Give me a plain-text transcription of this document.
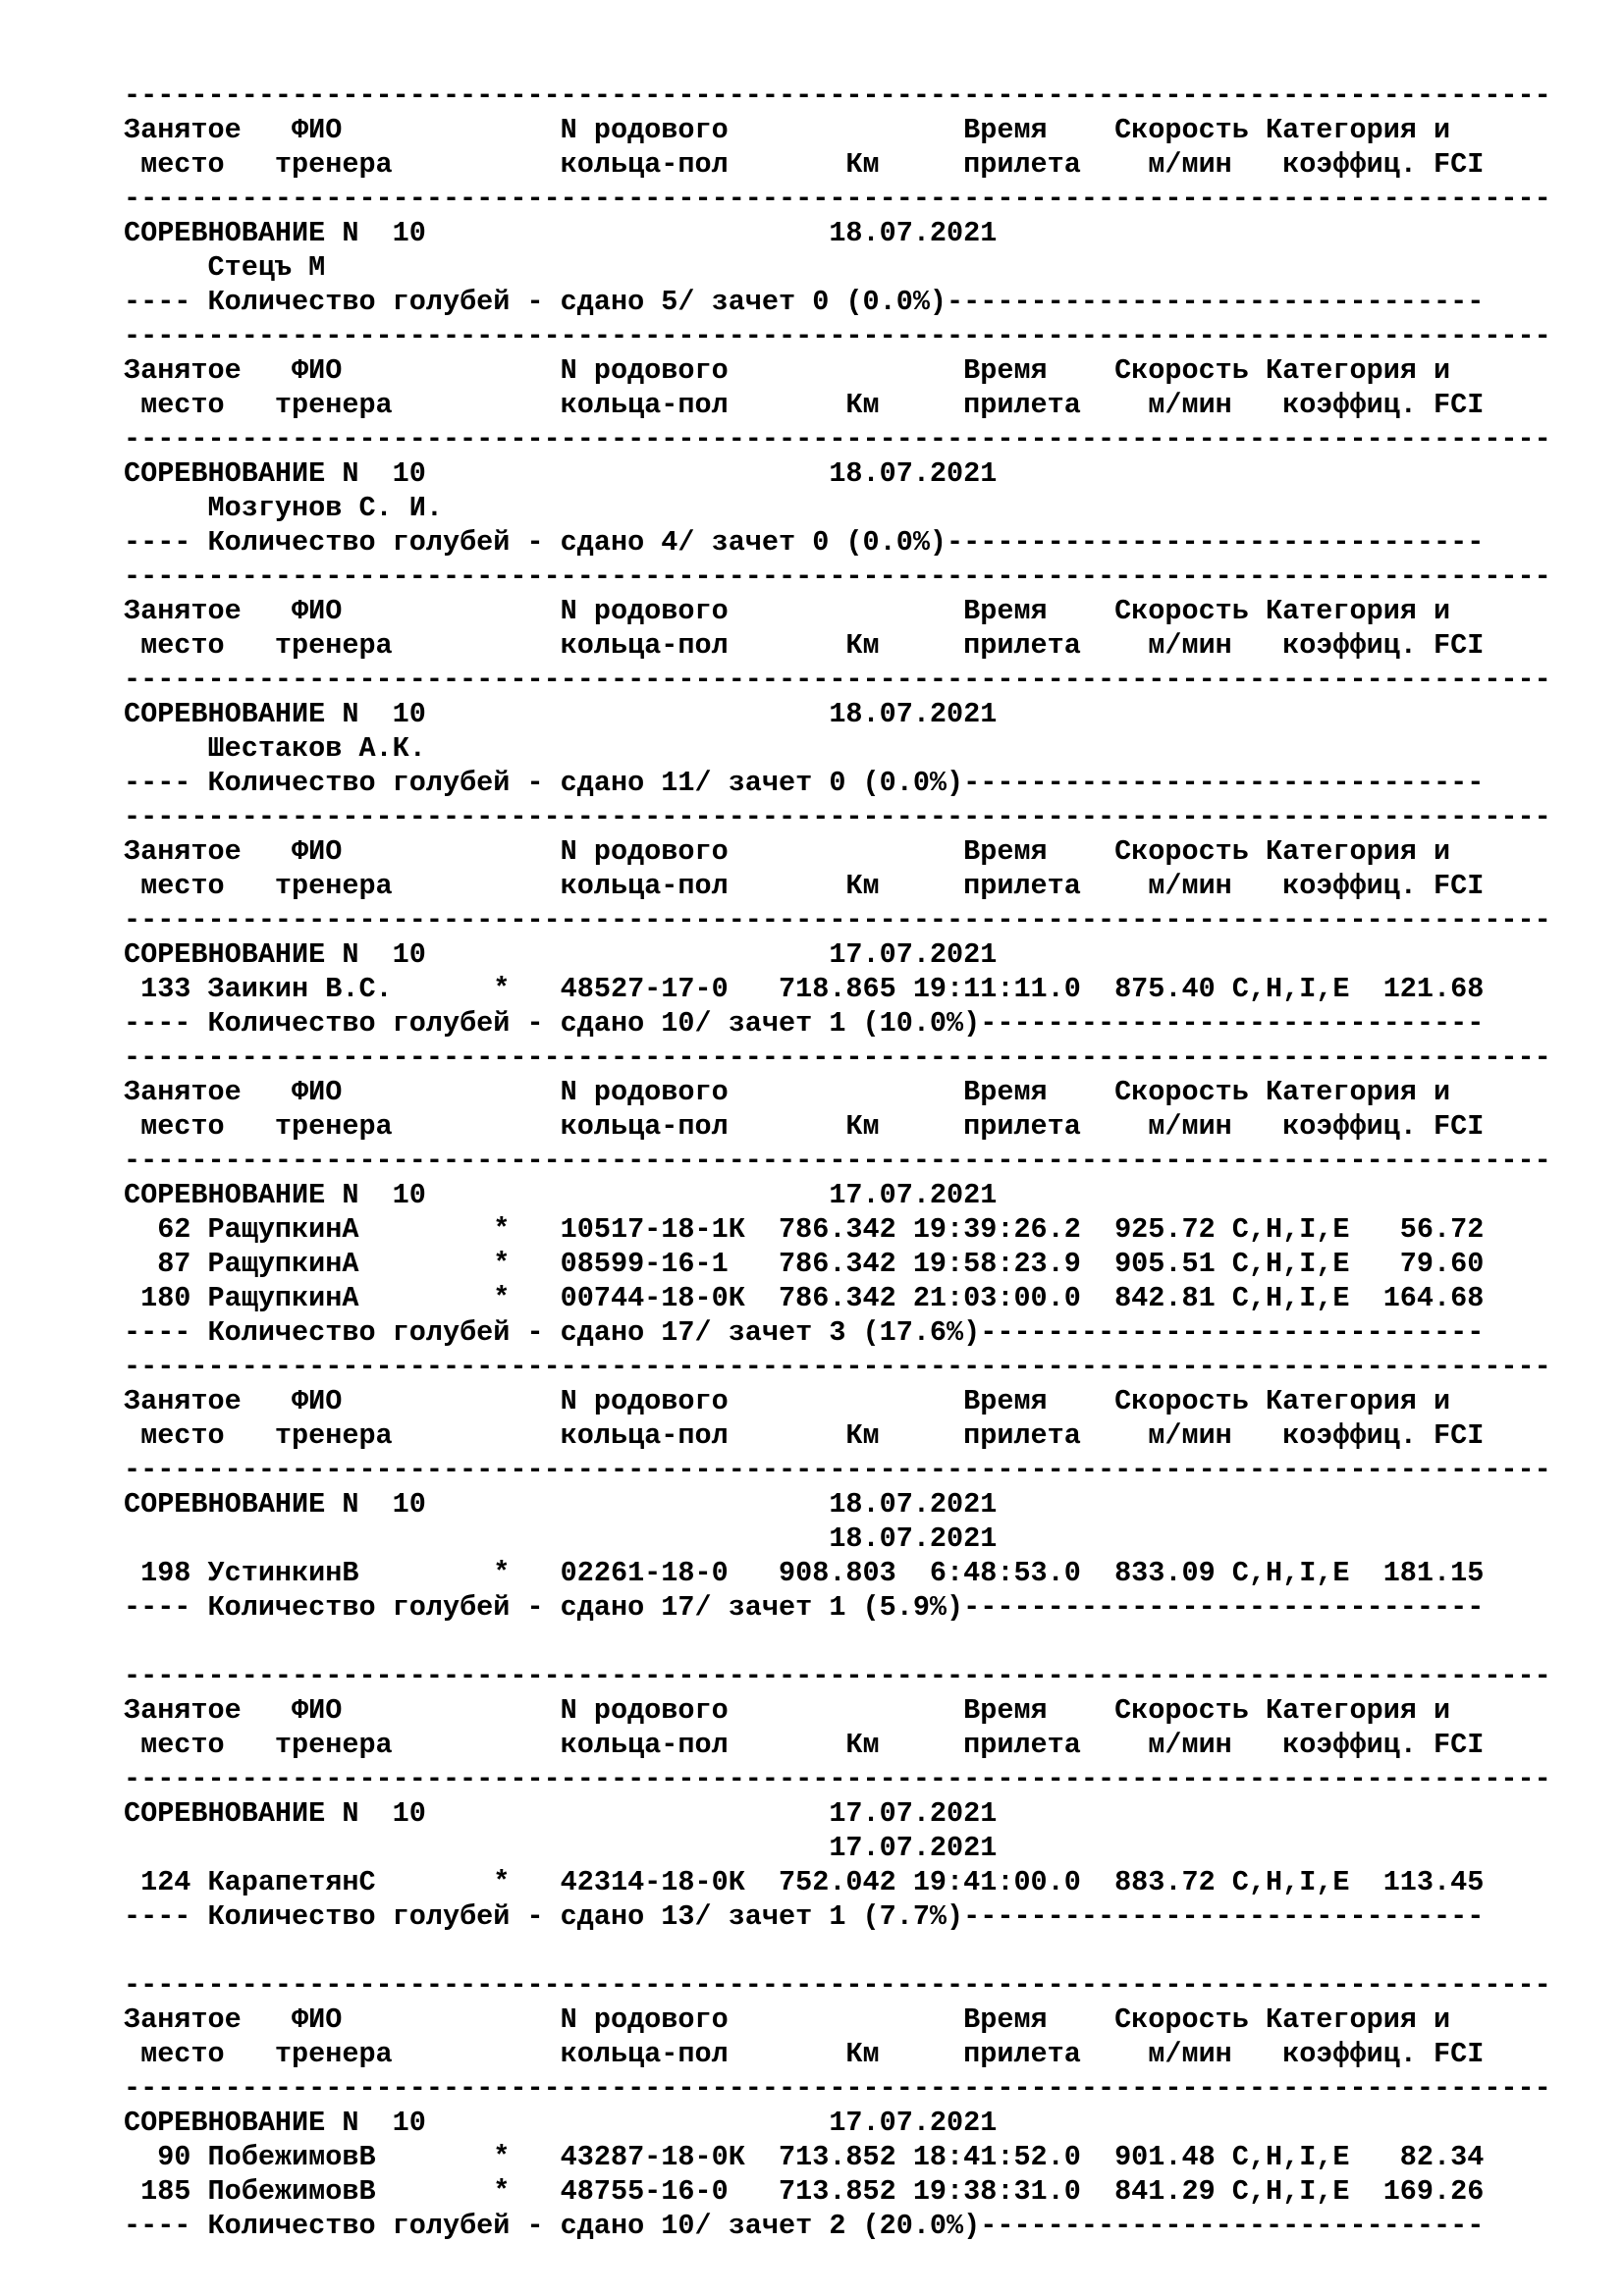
-------------------------------------------------------------------------------------
Занятое   ФИО             N родового              Время    Скорость Категория и
место   тренера          кольца-пол       Км     прилета    м/мин   коэффиц. FCI
-------------------------------------------------------------------------------------
СОРЕВНОВАНИЕ N  10                        18.07.2021
Стецъ М
---- Количество голубей - сдано 5/ зачет 0 (0.0%)--------------------------------
-------------------------------------------------------------------------------------
Занятое   ФИО             N родового              Время    Скорость Категория и
место   тренера          кольца-пол       Км     прилета    м/мин   коэффиц. FCI
-------------------------------------------------------------------------------------
СОРЕВНОВАНИЕ N  10                        18.07.2021
Мозгунов С. И.
---- Количество голубей - сдано 4/ зачет 0 (0.0%)--------------------------------
-------------------------------------------------------------------------------------
Занятое   ФИО             N родового              Время    Скорость Категория и
место   тренера          кольца-пол       Км     прилета    м/мин   коэффиц. FCI
-------------------------------------------------------------------------------------
СОРЕВНОВАНИЕ N  10                        18.07.2021
Шестаков А.К.
---- Количество голубей - сдано 11/ зачет 0 (0.0%)-------------------------------
-------------------------------------------------------------------------------------
Занятое   ФИО             N родового              Время    Скорость Категория и
место   тренера          кольца-пол       Км     прилета    м/мин   коэффиц. FCI
-------------------------------------------------------------------------------------
СОРЕВНОВАНИЕ N  10                        17.07.2021
133 Заикин В.С.      *   48527-17-0   718.865 19:11:11.0  875.40 C,H,I,E  121.68
---- Количество голубей - сдано 10/ зачет 1 (10.0%)------------------------------
-------------------------------------------------------------------------------------
Занятое   ФИО             N родового              Время    Скорость Категория и
место   тренера          кольца-пол       Км     прилета    м/мин   коэффиц. FCI
-------------------------------------------------------------------------------------
СОРЕВНОВАНИЕ N  10                        17.07.2021
62 РащупкинА        *   10517-18-1К  786.342 19:39:26.2  925.72 C,H,I,E   56.72
87 РащупкинА        *   08599-16-1   786.342 19:58:23.9  905.51 C,H,I,E   79.60
180 РащупкинА        *   00744-18-0К  786.342 21:03:00.0  842.81 C,H,I,E  164.68
---- Количество голубей - сдано 17/ зачет 3 (17.6%)------------------------------
-------------------------------------------------------------------------------------
Занятое   ФИО             N родового              Время    Скорость Категория и
место   тренера          кольца-пол       Км     прилета    м/мин   коэффиц. FCI
-------------------------------------------------------------------------------------
СОРЕВНОВАНИЕ N  10                        18.07.2021
18.07.2021
198 УстинкинВ        *   02261-18-0   908.803  6:48:53.0  833.09 C,H,I,E  181.15
---- Количество голубей - сдано 17/ зачет 1 (5.9%)-------------------------------
-------------------------------------------------------------------------------------
Занятое   ФИО             N родового              Время    Скорость Категория и
место   тренера          кольца-пол       Км     прилета    м/мин   коэффиц. FCI
-------------------------------------------------------------------------------------
СОРЕВНОВАНИЕ N  10                        17.07.2021
17.07.2021
124 КарапетянС       *   42314-18-0К  752.042 19:41:00.0  883.72 C,H,I,E  113.45
---- Количество голубей - сдано 13/ зачет 1 (7.7%)-------------------------------
-------------------------------------------------------------------------------------
Занятое   ФИО             N родового              Время    Скорость Категория и
место   тренера          кольца-пол       Км     прилета    м/мин   коэффиц. FCI
-------------------------------------------------------------------------------------
СОРЕВНОВАНИЕ N  10                        17.07.2021
90 ПобежимовВ       *   43287-18-0К  713.852 18:41:52.0  901.48 C,H,I,E   82.34
185 ПобежимовВ       *   48755-16-0   713.852 19:38:31.0  841.29 C,H,I,E  169.26
---- Количество голубей - сдано 10/ зачет 2 (20.0%)------------------------------
